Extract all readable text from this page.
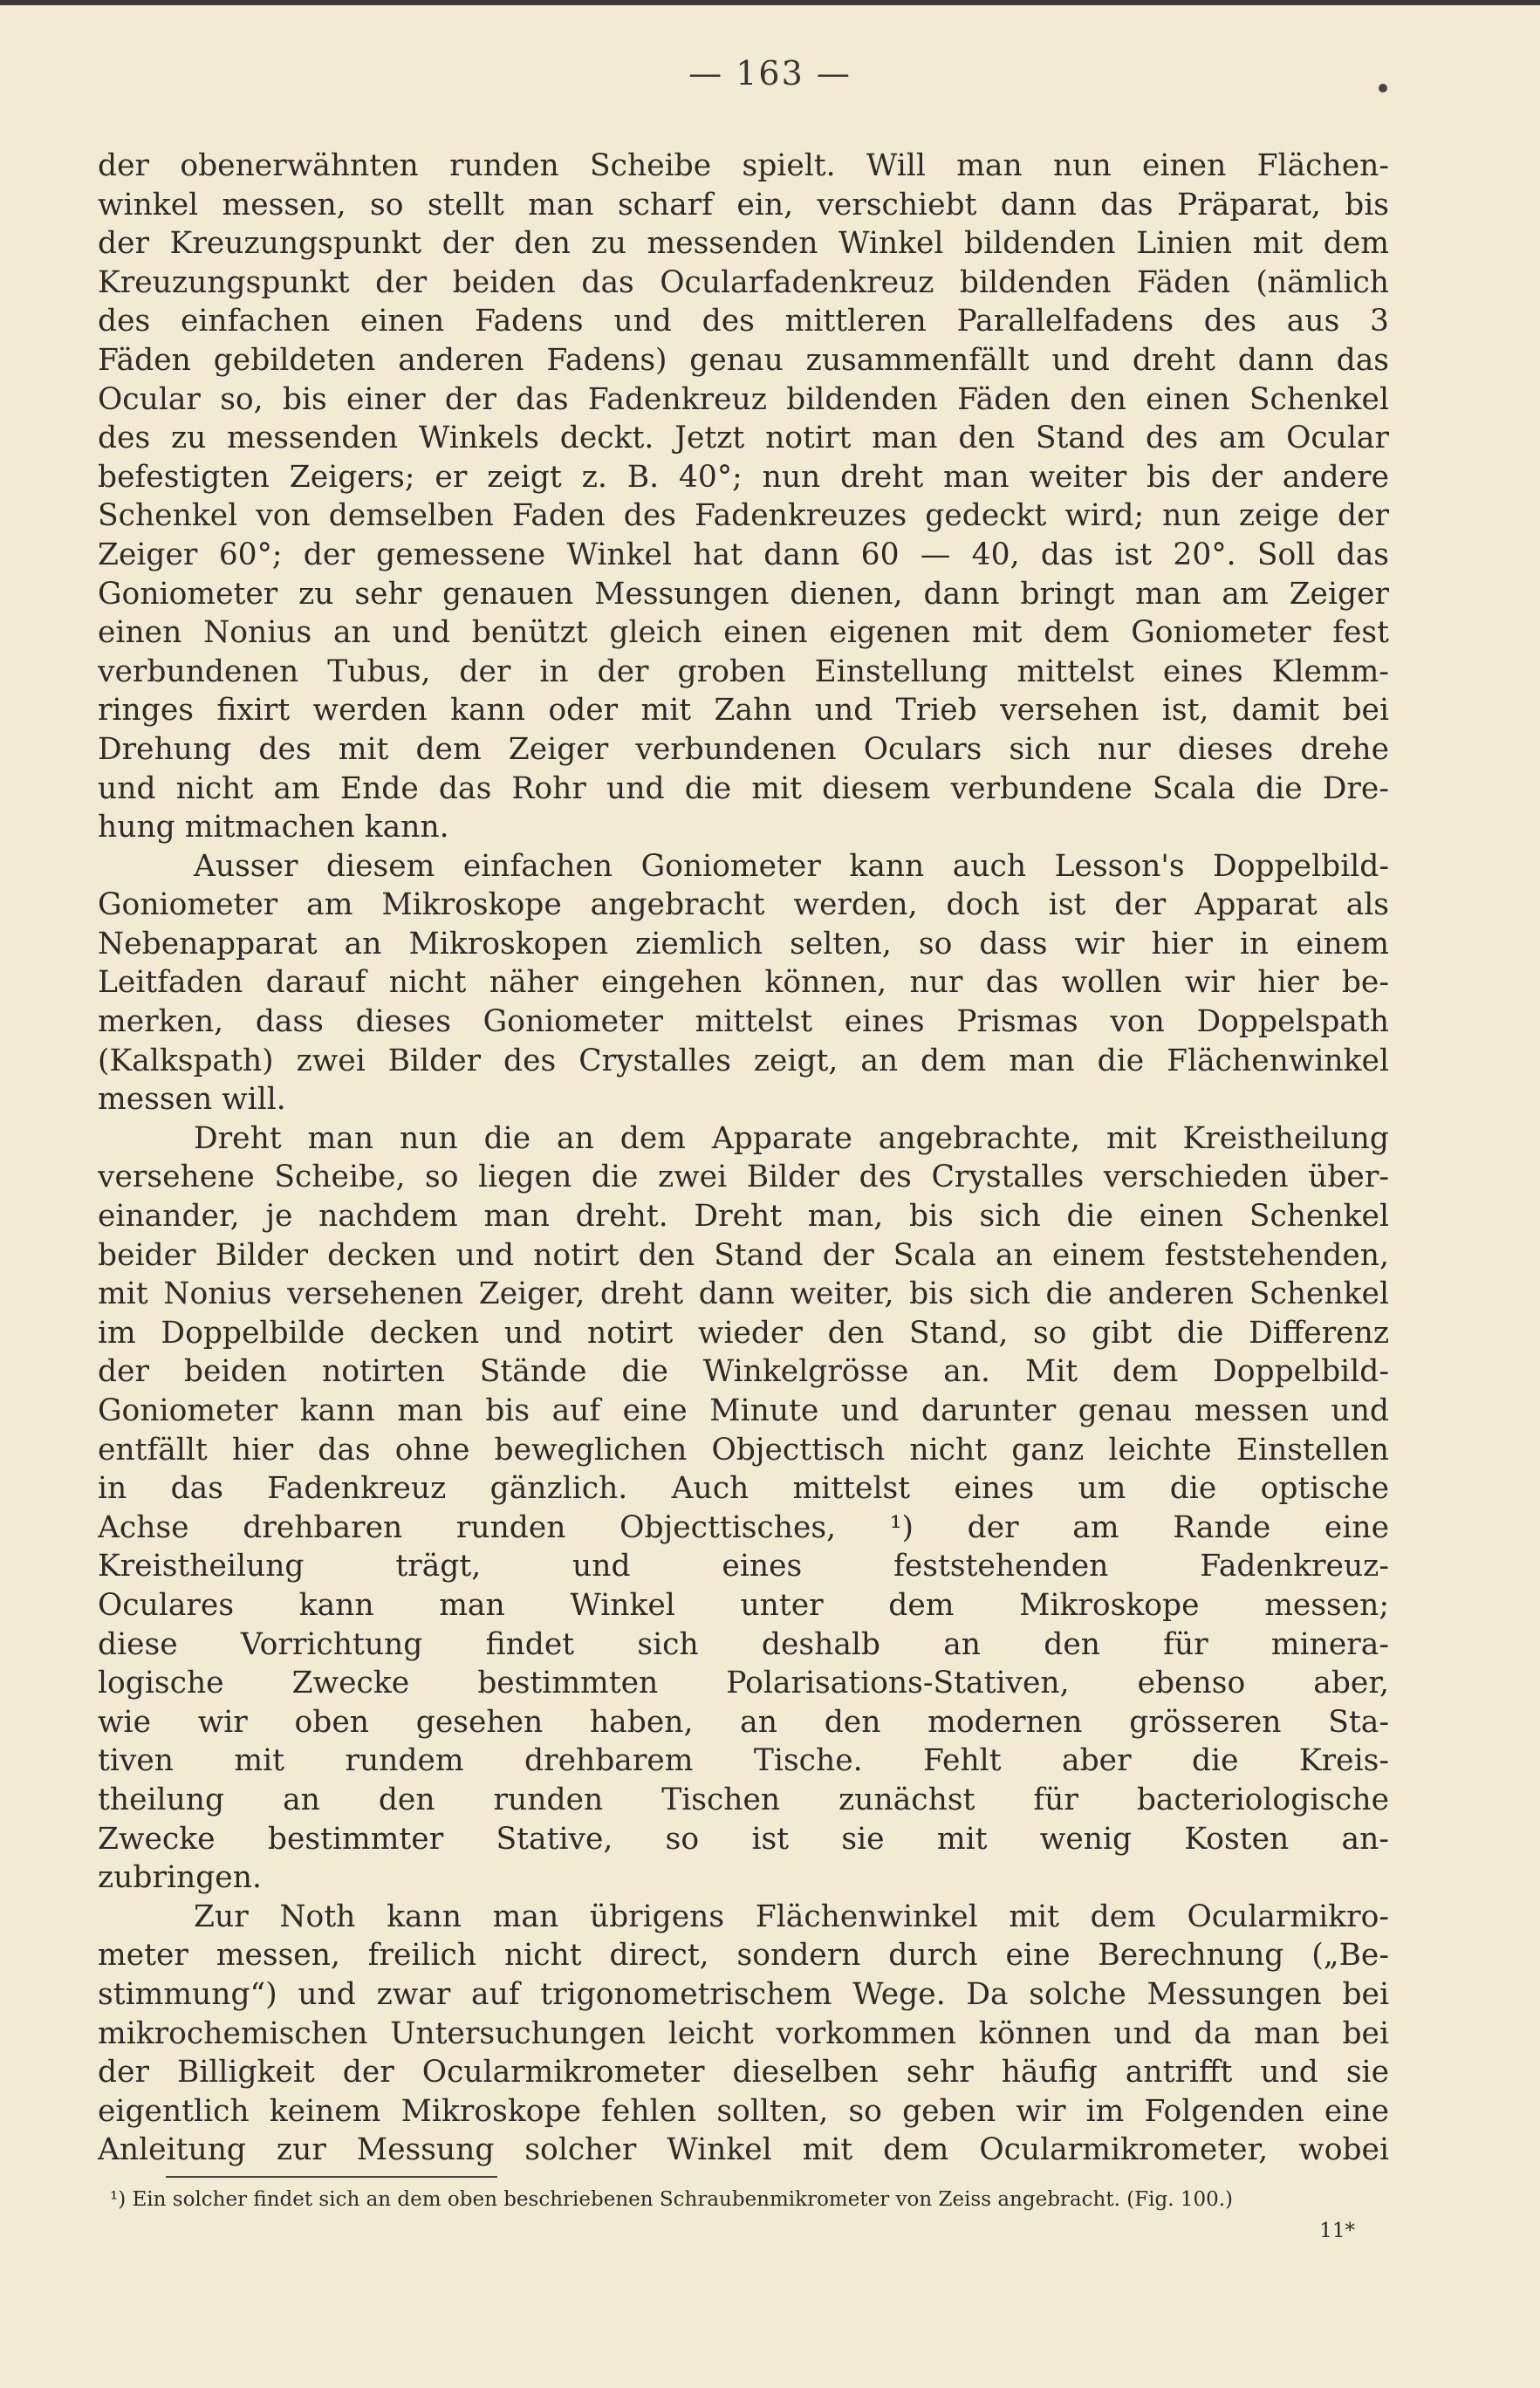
— 163 —
der obenerwähnten runden Scheibe spielt. Will man nun einen Flächen-
winkel messen, so stellt man scharf ein, verschiebt dann das Präparat, bis
der Kreuzungspunkt der den zu messenden Winkel bildenden Linien mit dem
Kreuzungspunkt der beiden das Ocularfadenkreuz bildenden Fäden (nämlich
des einfachen einen Fadens und des mittleren Parallelfadens des aus 3
Fäden gebildeten anderen Fadens) genau zusammenfällt und dreht dann das
Ocular so, bis einer der das Fadenkreuz bildenden Fäden den einen Schenkel
des zu messenden Winkels deckt. Jetzt notirt man den Stand des am Ocular
befestigten Zeigers; er zeigt z. B. 40°; nun dreht man weiter bis der andere
Schenkel von demselben Faden des Fadenkreuzes gedeckt wird; nun zeige der
Zeiger 60°; der gemessene Winkel hat dann 60 — 40, das ist 20°. Soll das
Goniometer zu sehr genauen Messungen dienen, dann bringt man am Zeiger
einen Nonius an und benützt gleich einen eigenen mit dem Goniometer fest
verbundenen Tubus, der in der groben Einstellung mittelst eines Klemm-
ringes fixirt werden kann oder mit Zahn und Trieb versehen ist, damit bei
Drehung des mit dem Zeiger verbundenen Oculars sich nur dieses drehe
und nicht am Ende das Rohr und die mit diesem verbundene Scala die Dre-
hung mitmachen kann.
Ausser diesem einfachen Goniometer kann auch Lesson's Doppelbild-
Goniometer am Mikroskope angebracht werden, doch ist der Apparat als
Nebenapparat an Mikroskopen ziemlich selten, so dass wir hier in einem
Leitfaden darauf nicht näher eingehen können, nur das wollen wir hier be-
merken, dass dieses Goniometer mittelst eines Prismas von Doppelspath
(Kalkspath) zwei Bilder des Crystalles zeigt, an dem man die Flächenwinkel
messen will.
Dreht man nun die an dem Apparate angebrachte, mit Kreistheilung
versehene Scheibe, so liegen die zwei Bilder des Crystalles verschieden über-
einander, je nachdem man dreht. Dreht man, bis sich die einen Schenkel
beider Bilder decken und notirt den Stand der Scala an einem feststehenden,
mit Nonius versehenen Zeiger, dreht dann weiter, bis sich die anderen Schenkel
im Doppelbilde decken und notirt wieder den Stand, so gibt die Differenz
der beiden notirten Stände die Winkelgrösse an. Mit dem Doppelbild-
Goniometer kann man bis auf eine Minute und darunter genau messen und
entfällt hier das ohne beweglichen Objecttisch nicht ganz leichte Einstellen
in das Fadenkreuz gänzlich. Auch mittelst eines um die optische
Achse drehbaren runden Objecttisches, ¹) der am Rande eine
Kreistheilung trägt, und eines feststehenden Fadenkreuz-
Oculares kann man Winkel unter dem Mikroskope messen;
diese Vorrichtung findet sich deshalb an den für minera-
logische Zwecke bestimmten Polarisations-Stativen, ebenso aber,
wie wir oben gesehen haben, an den modernen grösseren Sta-
tiven mit rundem drehbarem Tische. Fehlt aber die Kreis-
theilung an den runden Tischen zunächst für bacteriologische
Zwecke bestimmter Stative, so ist sie mit wenig Kosten an-
zubringen.
Zur Noth kann man übrigens Flächenwinkel mit dem Ocularmikro-
meter messen, freilich nicht direct, sondern durch eine Berechnung („Be-
stimmung“) und zwar auf trigonometrischem Wege. Da solche Messungen bei
mikrochemischen Untersuchungen leicht vorkommen können und da man bei
der Billigkeit der Ocularmikrometer dieselben sehr häufig antrifft und sie
eigentlich keinem Mikroskope fehlen sollten, so geben wir im Folgenden eine
Anleitung zur Messung solcher Winkel mit dem Ocularmikrometer, wobei
¹) Ein solcher findet sich an dem oben beschriebenen Schraubenmikrometer von Zeiss angebracht. (Fig. 100.)
11*
